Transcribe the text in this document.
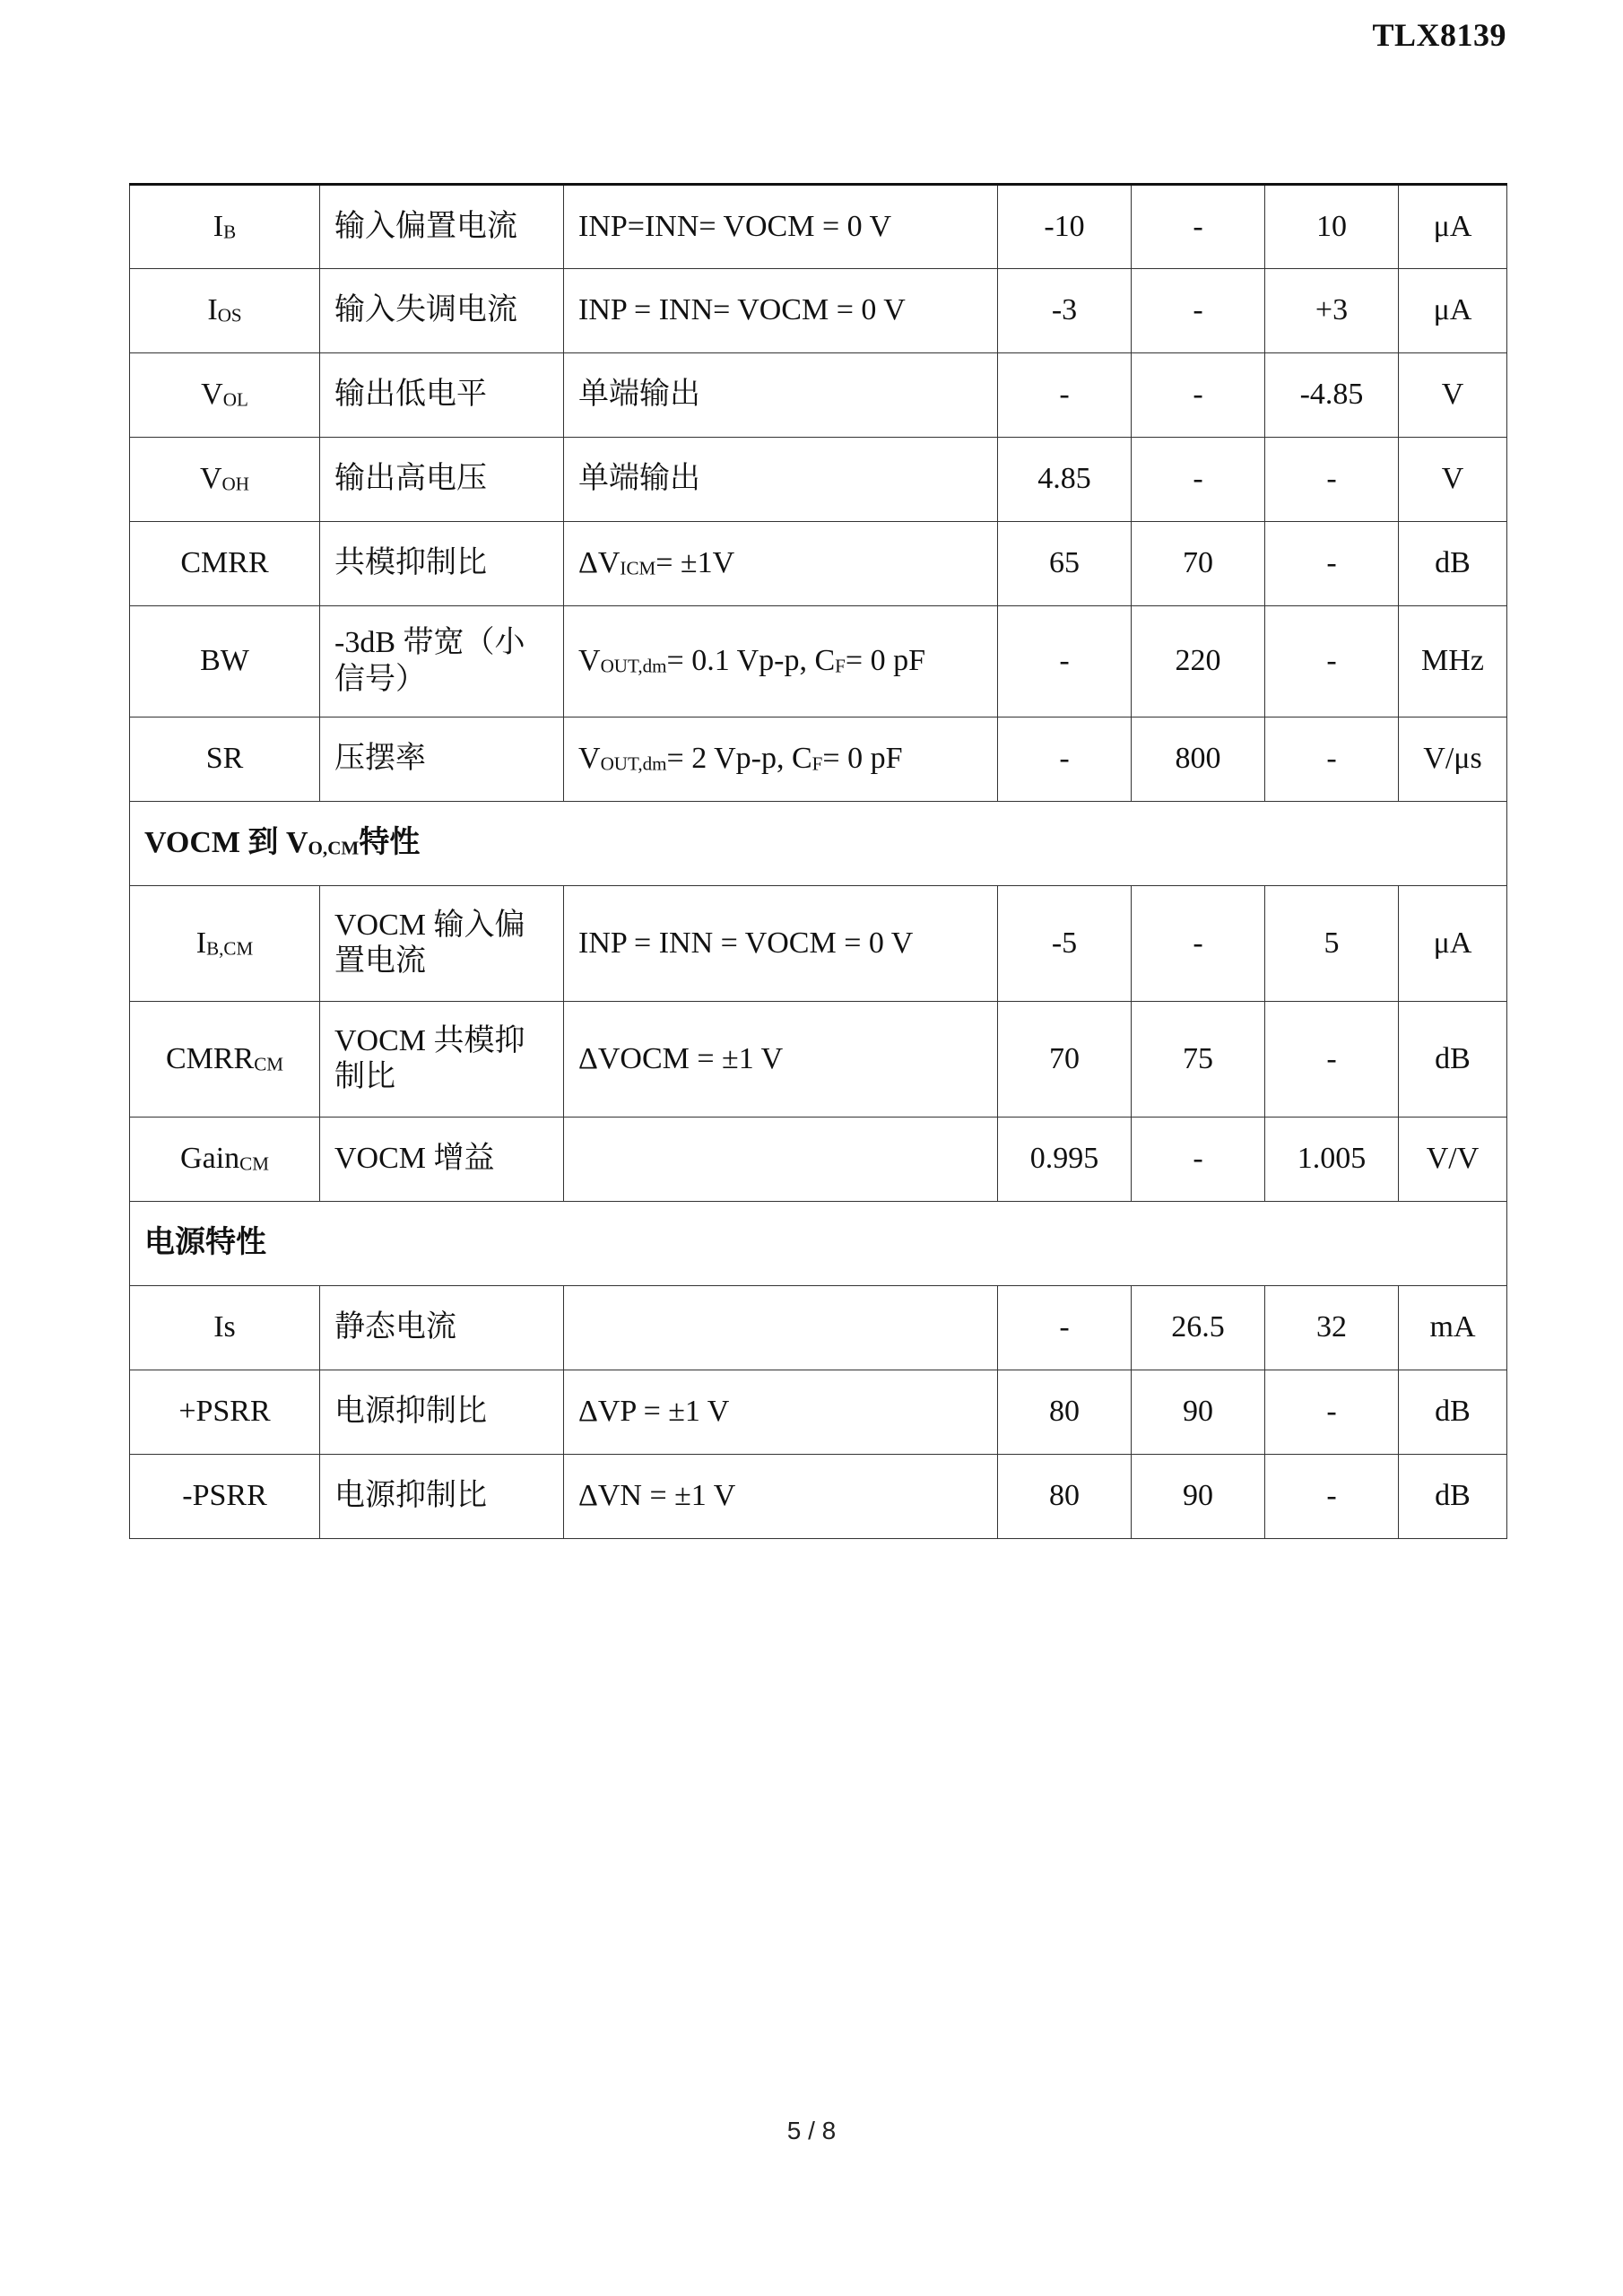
TLX8139
$I_B$	输入偏置电流	INP=INN= VOCM = 0 V	-10	-	10	μA
$I_{OS}$	输入失调电流	INP = INN= VOCM = 0 V	-3	-	+3	μA
$V_{OL}$	输出低电平	单端输出	-	-	-4.85	V
$V_{OH}$	输出高电压	单端输出	4.85	-	-	V
CMRR	共模抑制比	$\Delta V_{ICM}= \pm 1V$	65	70	-	dB
BW	-3dB 带宽（小信号）	$V_{OUT,dm}= 0.1$ Vp-p, $C_F= 0$ pF	-	220	-	MHz
SR	压摆率	$V_{OUT,dm}= 2$ Vp-p, $C_F= 0$ pF	-	800	-	V/μs
VOCM 到 $V_{O,CM}$特性						
$I_{B,CM}$	VOCM 输入偏置电流	INP = INN = VOCM = 0 V	-5	-	5	μA
$CMRR_{CM}$	VOCM 共模抑制比	ΔVOCM = ±1 V	70	75	-	dB
Gain$_{CM}$	VOCM 增益		0.995	-	1.005	V/V
电源特性						
Is	静态电流		-	26.5	32	mA
+PSRR	电源抑制比	ΔVP = ±1 V	80	90	-	dB
-PSRR	电源抑制比	ΔVN = ±1 V	80	90	-	dB
5 / 8
